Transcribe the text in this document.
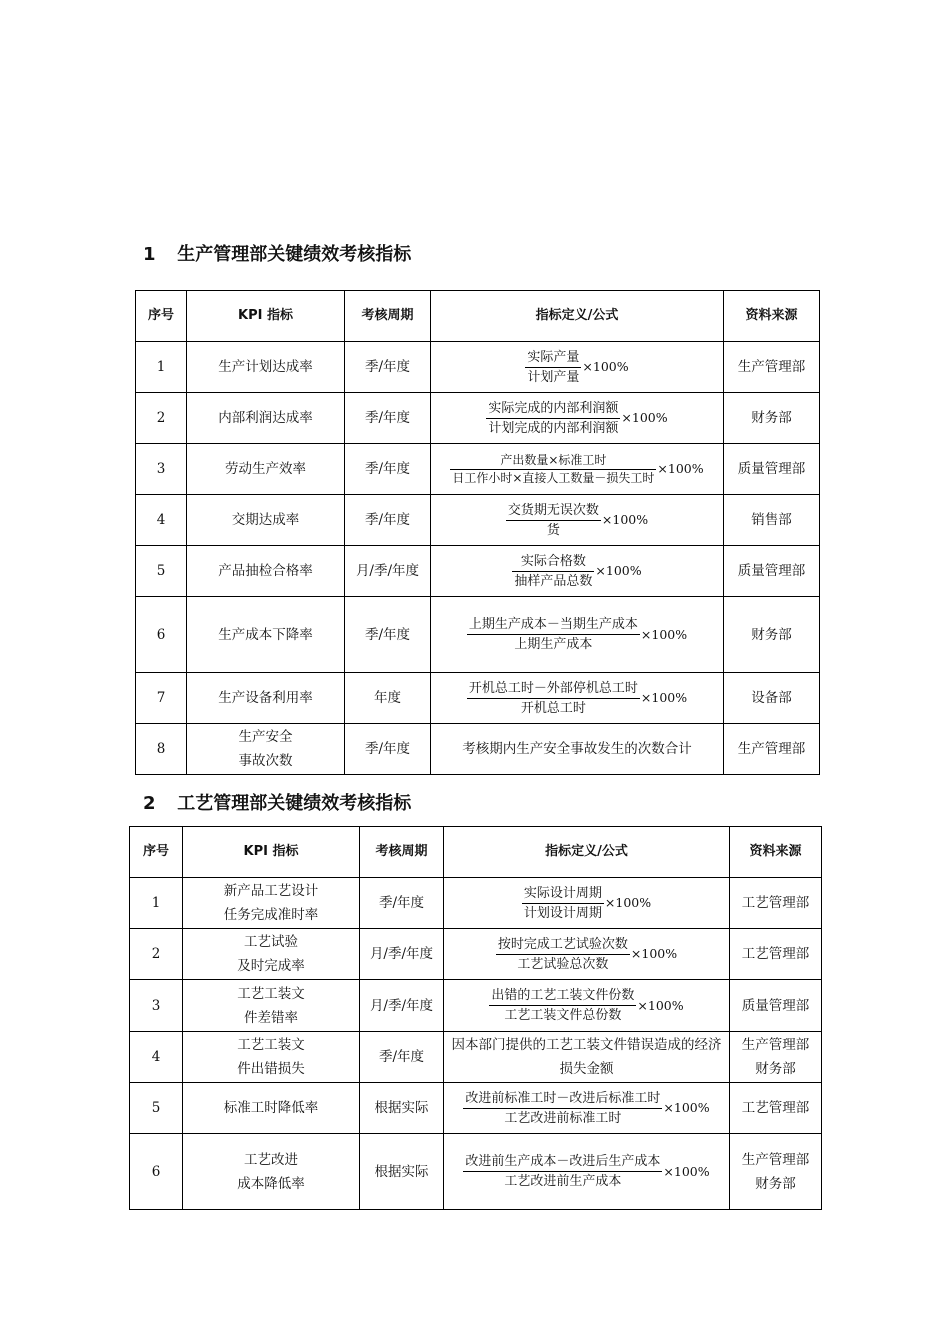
1 生产管理部关键绩效考核指标
序号	KPI 指标	考核周期	指标定义/公式	资料来源
1	生产计划达成率	季/年度	$\frac{\text{实际产量}}{\text{计划产量}} \times 100\%$	生产管理部

2	内部利润达成率	季/年度	$\frac{\text{实际完成的内部利润额}}{\text{计划完成的内部利润额}} \times 100\%$	财务部

3	劳动生产效率	季/年度	$\frac{\text{产出数量×标准工时}}{\text{日工作小时×直接人工数量－损失工时}} \times 100\%$	质量管理部

4	交期达成率	季/年度	$\frac{\text{交货期无误次数}}{\text{货}} \times 100\%$	销售部

5	产品抽检合格率	月/季/年度	$\frac{\text{实际合格数}}{\text{抽样产品总数}} \times 100\%$	质量管理部

6	生产成本下降率	季/年度	$\frac{\text{上期生产成本－当期生产成本}}{\text{上期生产成本}} \times 100\%$	财务部

7	生产设备利用率	年度	$\frac{\text{开机总工时－外部停机总工时}}{\text{开机总工时}} \times 100\%$	设备部

8	生产安全
事故次数	季/年度	考核期内生产安全事故发生的次数合计	生产管理部
2 工艺管理部关键绩效考核指标
序号	KPI 指标	考核周期	指标定义/公式	资料来源
1	新产品工艺设计
任务完成准时率	季/年度	$\frac{\text{实际设计周期}}{\text{计划设计周期}} \times 100\%$	工艺管理部

2	工艺试验
及时完成率	月/季/年度	$\frac{\text{按时完成工艺试验次数}}{\text{工艺试验总次数}} \times 100\%$	工艺管理部

3	工艺工装文
件差错率	月/季/年度	$\frac{\text{出错的工艺工装文件份数}}{\text{工艺工装文件总份数}} \times 100\%$	质量管理部

4	工艺工装文
件出错损失	季/年度	因本部门提供的工艺工装文件错误造成的经济损失金额	生产管理部
财务部

5	标准工时降低率	根据实际	$\frac{\text{改进前标准工时－改进后标准工时}}{\text{工艺改进前标准工时}} \times 100\%$	工艺管理部

6	工艺改进
成本降低率	根据实际	$\frac{\text{改进前生产成本－改进后生产成本}}{\text{工艺改进前生产成本}} \times 100\%$	生产管理部
财务部
